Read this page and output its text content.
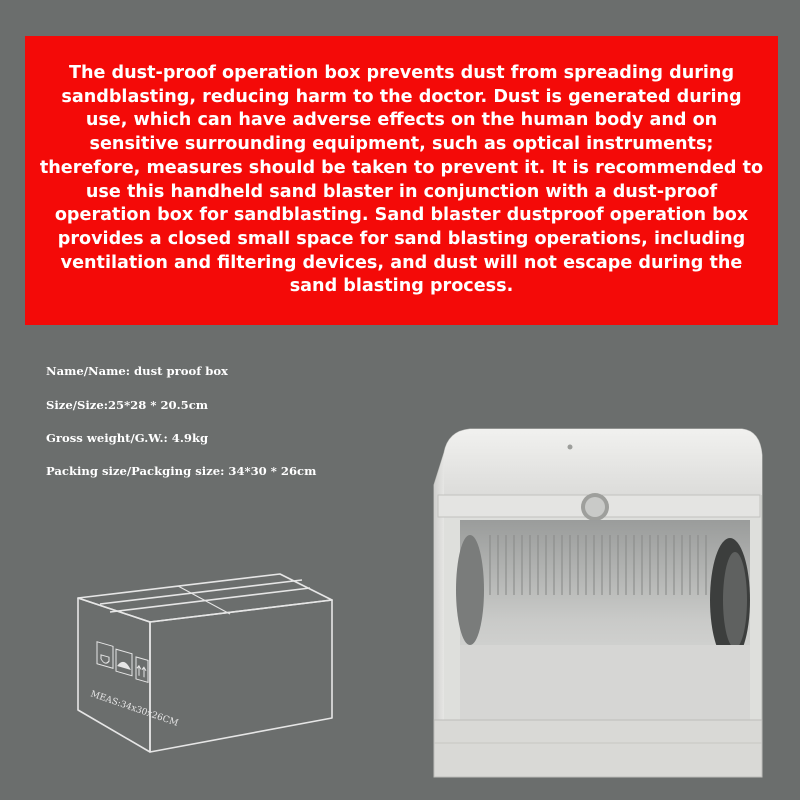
The dust-proof operation box prevents dust from spreading during sandblasting, reducing harm to the doctor. Dust is generated during use, which can have adverse effects on the human body and on sensitive surrounding equipment, such as optical instruments; therefore, measures should be taken to prevent it. It is recommended to use this handheld sand blaster in conjunction with a dust-proof operation box for sandblasting. Sand blaster dustproof operation box provides a closed small space for sand blasting operations, including ventilation and filtering devices, and dust will not escape during the sand blasting process.

Name/Name: dust proof box
Size/Size:25*28 * 20.5cm
Gross weight/G.W.: 4.9kg
Packing size/Packging size: 34*30 * 26cm
MEAS:34x30x26CM
